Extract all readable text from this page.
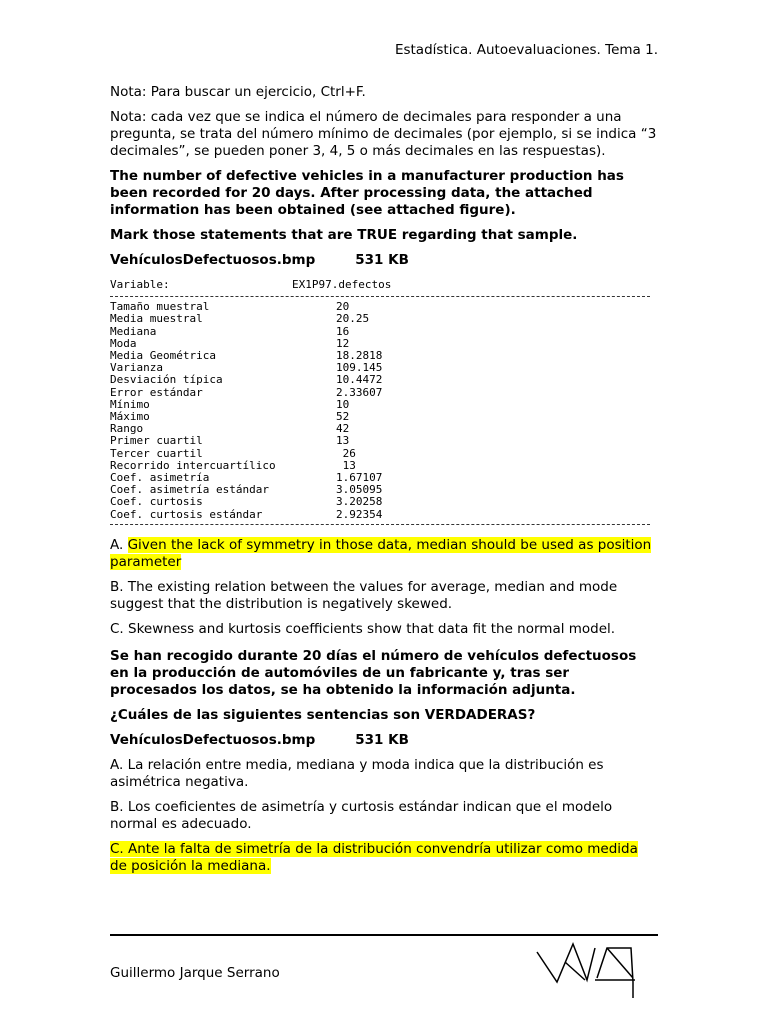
Estadística. Autoevaluaciones. Tema 1.

Nota: Para buscar un ejercicio, Ctrl+F.

Nota: cada vez que se indica el número de decimales para responder a una pregunta, se trata del número mínimo de decimales (por ejemplo, si se indica “3 decimales”, se pueden poner 3, 4, 5 o más decimales en las respuestas).

The number of defective vehicles in a manufacturer production has been recorded for 20 days. After processing data, the attached information has been obtained (see attached figure).

Mark those statements that are TRUE regarding that sample.

VehículosDefectuosos.bmp	531 KB
Variable:	EX1P97.defectos
Tamaño muestral	20
Media muestral	20.25
Mediana	16
Moda	12
Media Geométrica	18.2818
Varianza	109.145
Desviación típica	10.4472
Error estándar	2.33607
Mínimo	10
Máximo	52
Rango	42
Primer cuartil	13
Tercer cuartil	26
Recorrido intercuartílico	13
Coef. asimetría	1.67107
Coef. asimetría estándar	3.05095
Coef. curtosis	3.20258
Coef. curtosis estándar	2.92354

A. Given the lack of symmetry in those data, median should be used as position parameter

B. The existing relation between the values for average, median and mode suggest that the distribution is negatively skewed.

C. Skewness and kurtosis coefficients show that data fit the normal model.

Se han recogido durante 20 días el número de vehículos defectuosos en la producción de automóviles de un fabricante y, tras ser procesados los datos, se ha obtenido la información adjunta.

¿Cuáles de las siguientes sentencias son VERDADERAS?

VehículosDefectuosos.bmp	531 KB

A. La relación entre media, mediana y moda indica que la distribución es asimétrica negativa.

B. Los coeficientes de asimetría y curtosis estándar indican que el modelo normal es adecuado.

C. Ante la falta de simetría de la distribución convendría utilizar como medida de posición la mediana.

Guillermo Jarque Serrano
